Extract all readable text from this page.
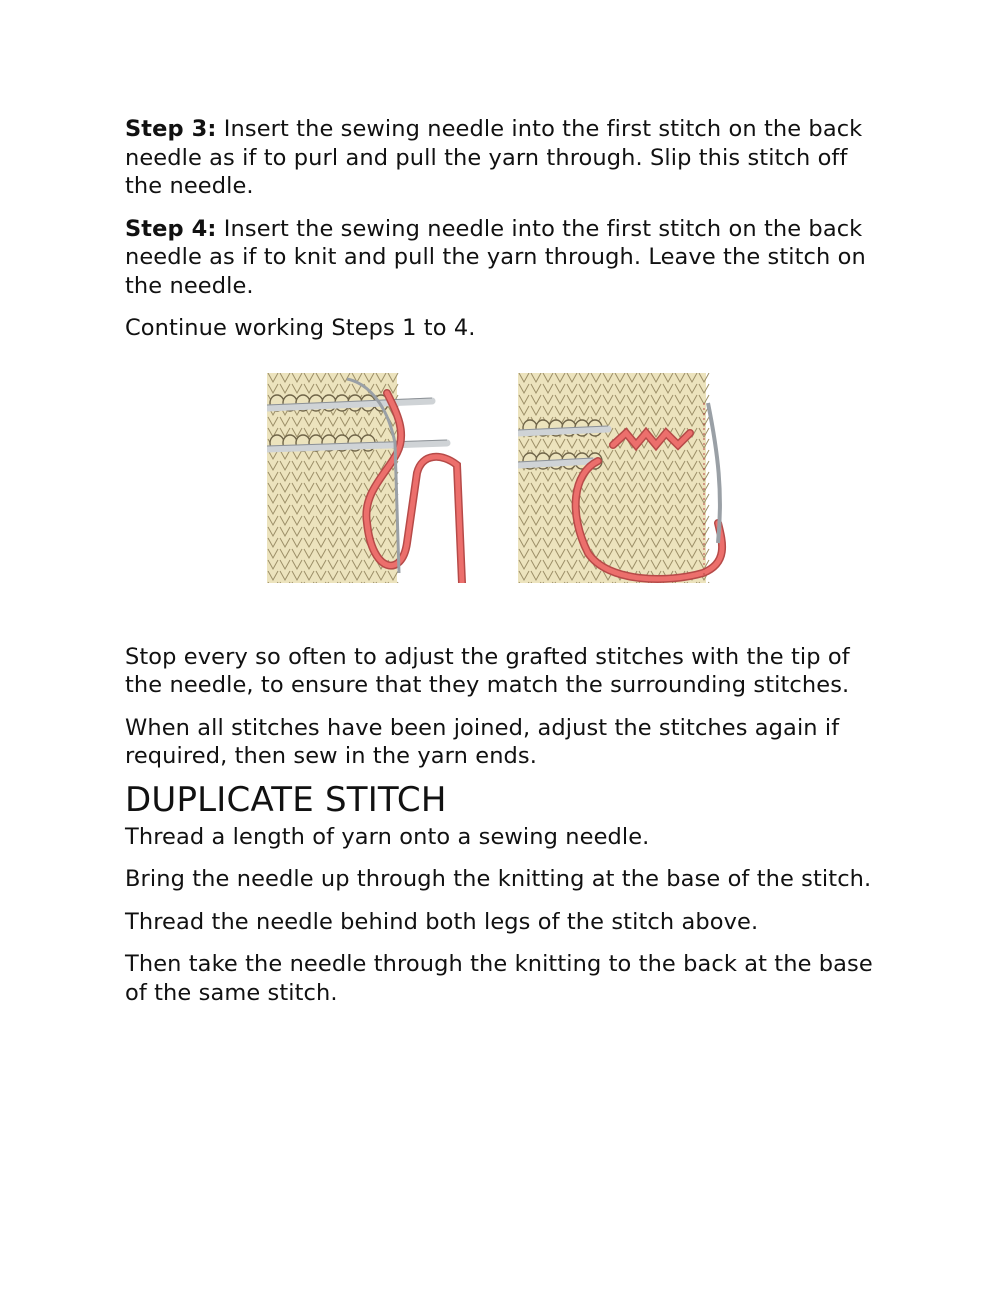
Step 3: Insert the sewing needle into the first stitch on the back needle as if to purl and pull the yarn through. Slip this stitch off the needle.

Step 4: Insert the sewing needle into the first stitch on the back needle as if to knit and pull the yarn through. Leave the stitch on the needle.

Continue working Steps 1 to 4.

Stop every so often to adjust the grafted stitches with the tip of the needle, to ensure that they match the surrounding stitches.

When all stitches have been joined, adjust the stitches again if required, then sew in the yarn ends.

DUPLICATE STITCH

Thread a length of yarn onto a sewing needle.

Bring the needle up through the knitting at the base of the stitch.

Thread the needle behind both legs of the stitch above.

Then take the needle through the knitting to the back at the base of the same stitch.
